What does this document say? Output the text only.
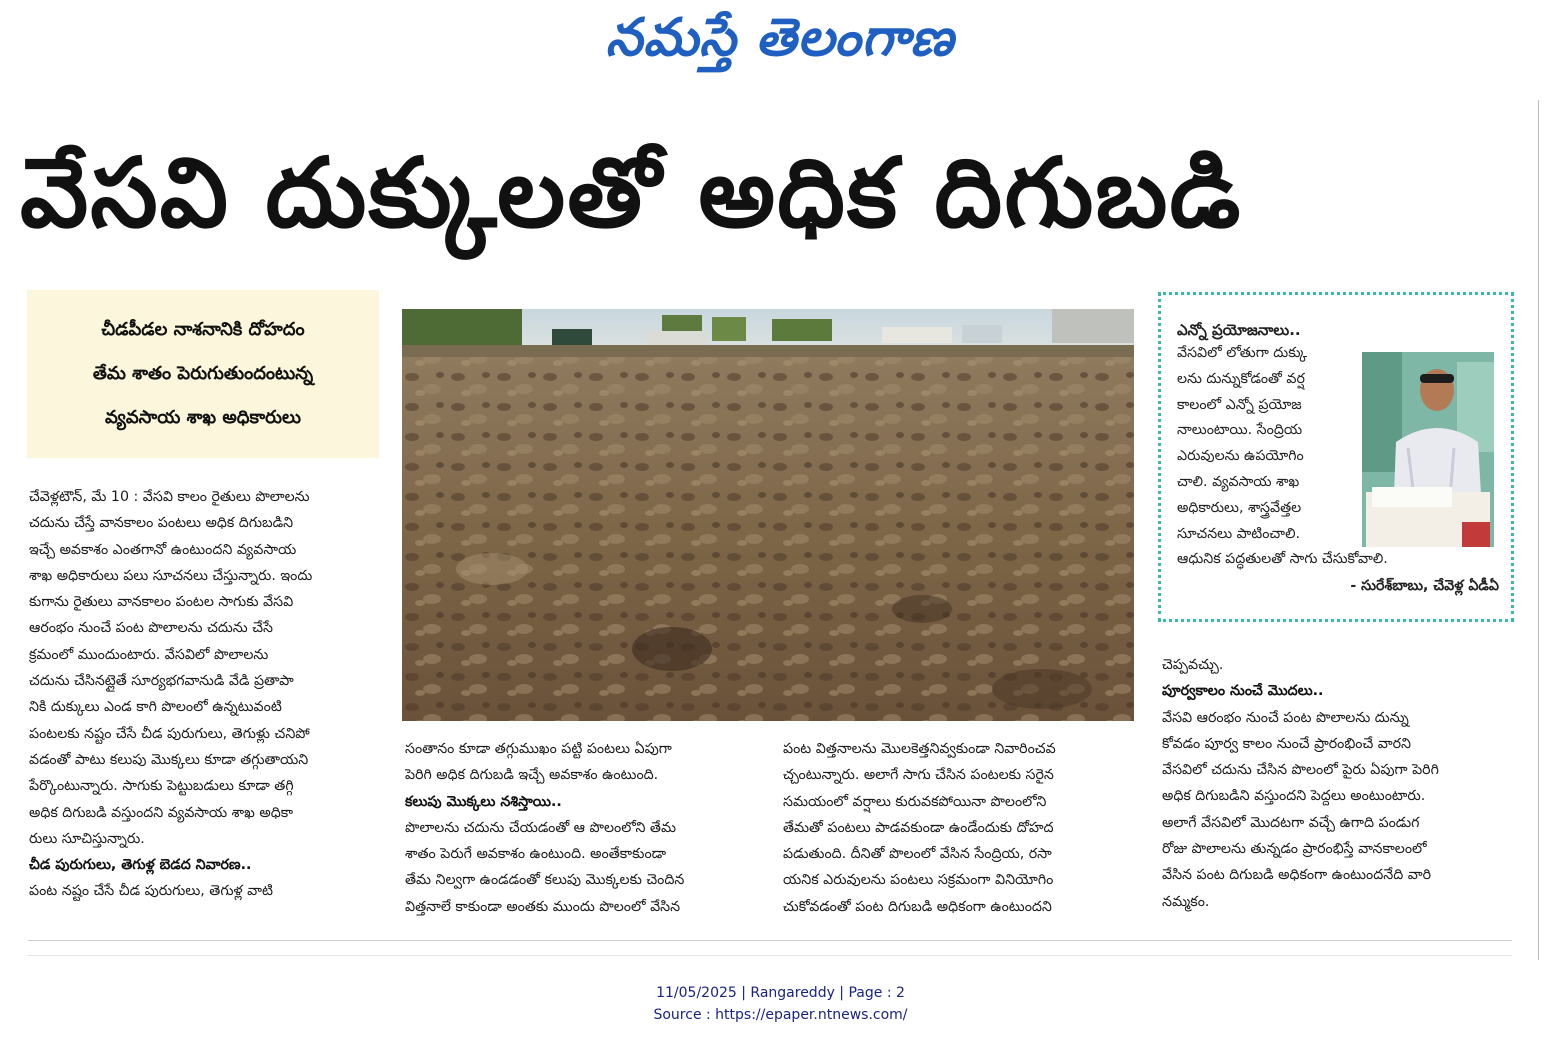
నమస్తే తెలంగాణ
వేసవి దుక్కులతో అధిక దిగుబడి
చీడపీడల నాశనానికి దోహదం
తేమ శాతం పెరుగుతుందంటున్న
వ్యవసాయ శాఖ అధికారులు

చేవెళ్లటౌన్, మే 10 : వేసవి కాలం రైతులు పొలాలను

చదును చేస్తే వానకాలం పంటలు అధిక దిగుబడిని

ఇచ్చే అవకాశం ఎంతగానో ఉంటుందని వ్యవసాయ

శాఖ అధికారులు పలు సూచనలు చేస్తున్నారు. ఇందు

కుగాను రైతులు వానకాలం పంటల సాగుకు వేసవి

ఆరంభం నుంచే పంట పొలాలను చదును చేసే

క్రమంలో ముందుంటారు. వేసవిలో పొలాలను

చదును చేసినట్లైతే సూర్యభగవానుడి వేడి ప్రతాపా

నికి దుక్కులు ఎండ కాగి పొలంలో ఉన్నటువంటి

పంటలకు నష్టం చేసే చీడ పురుగులు, తెగుళ్లు చనిపో

వడంతో పాటు కలుపు మొక్కలు కూడా తగ్గుతాయని

పేర్కొంటున్నారు. సాగుకు పెట్టుబడులు కూడా తగ్గి

అధిక దిగుబడి వస్తుందని వ్యవసాయ శాఖ అధికా

రులు సూచిస్తున్నారు.

చీడ పురుగులు, తెగుళ్ల బెడద నివారణ..

పంట నష్టం చేసే చీడ పురుగులు, తెగుళ్ల వాటి

సంతానం కూడా తగ్గుముఖం పట్టి పంటలు ఏపుగా

పెరిగి అధిక దిగుబడి ఇచ్చే అవకాశం ఉంటుంది.

కలుపు మొక్కలు నశిస్తాయి..

పొలాలను చదును చేయడంతో ఆ పొలంలోని తేమ

శాతం పెరుగే అవకాశం ఉంటుంది. అంతేకాకుండా

తేమ నిల్వగా ఉండడంతో కలుపు మొక్కలకు చెందిన

విత్తనాలే కాకుండా అంతకు ముందు పొలంలో వేసిన

పంట విత్తనాలను మొలకెత్తనివ్వకుండా నివారించవ

చ్చంటున్నారు. అలాగే సాగు చేసిన పంటలకు సరైన

సమయంలో వర్షాలు కురువకపోయినా పొలంలోని

తేమతో పంటలు పాడవకుండా ఉండేందుకు దోహద

పడుతుంది. దీనితో పొలంలో వేసిన సేంద్రియ, రసా

యనిక ఎరువులను పంటలు సక్రమంగా వినియోగిం

చుకోవడంతో పంట దిగుబడి అధికంగా ఉంటుందని

ఎన్నో ప్రయోజనాలు..
వేసవిలో లోతుగా దుక్కు
లను దున్నుకోడంతో వర్ష
కాలంలో ఎన్నో ప్రయోజ
నాలుంటాయి. సేంద్రియ
ఎరువులను ఉపయోగిం
చాలి. వ్యవసాయ శాఖ
అధికారులు, శాస్త్రవేత్తల
సూచనలు పాటించాలి.
ఆధునిక పద్ధతులతో సాగు చేసుకోవాలి.
- సురేశ్‌బాబు, చేవెళ్ల ఏడీఏ

చెప్పవచ్చు.

పూర్వకాలం నుంచే మొదలు..

వేసవి ఆరంభం నుంచే పంట పొలాలను దున్ను

కోవడం పూర్వ కాలం నుంచే ప్రారంభించే వారని

వేసవిలో చదును చేసిన పొలంలో పైరు ఏపుగా పెరిగి

అధిక దిగుబడిని వస్తుందని పెద్దలు అంటుంటారు.

అలాగే వేసవిలో మొదటగా వచ్చే ఉగాది పండుగ

రోజు పొలాలను తున్నడం ప్రారంభిస్తే వానకాలంలో

వేసిన పంట దిగుబడి అధికంగా ఉంటుందనేది వారి

నమ్మకం.

11/05/2025 | Rangareddy | Page : 2
Source : https://epaper.ntnews.com/
